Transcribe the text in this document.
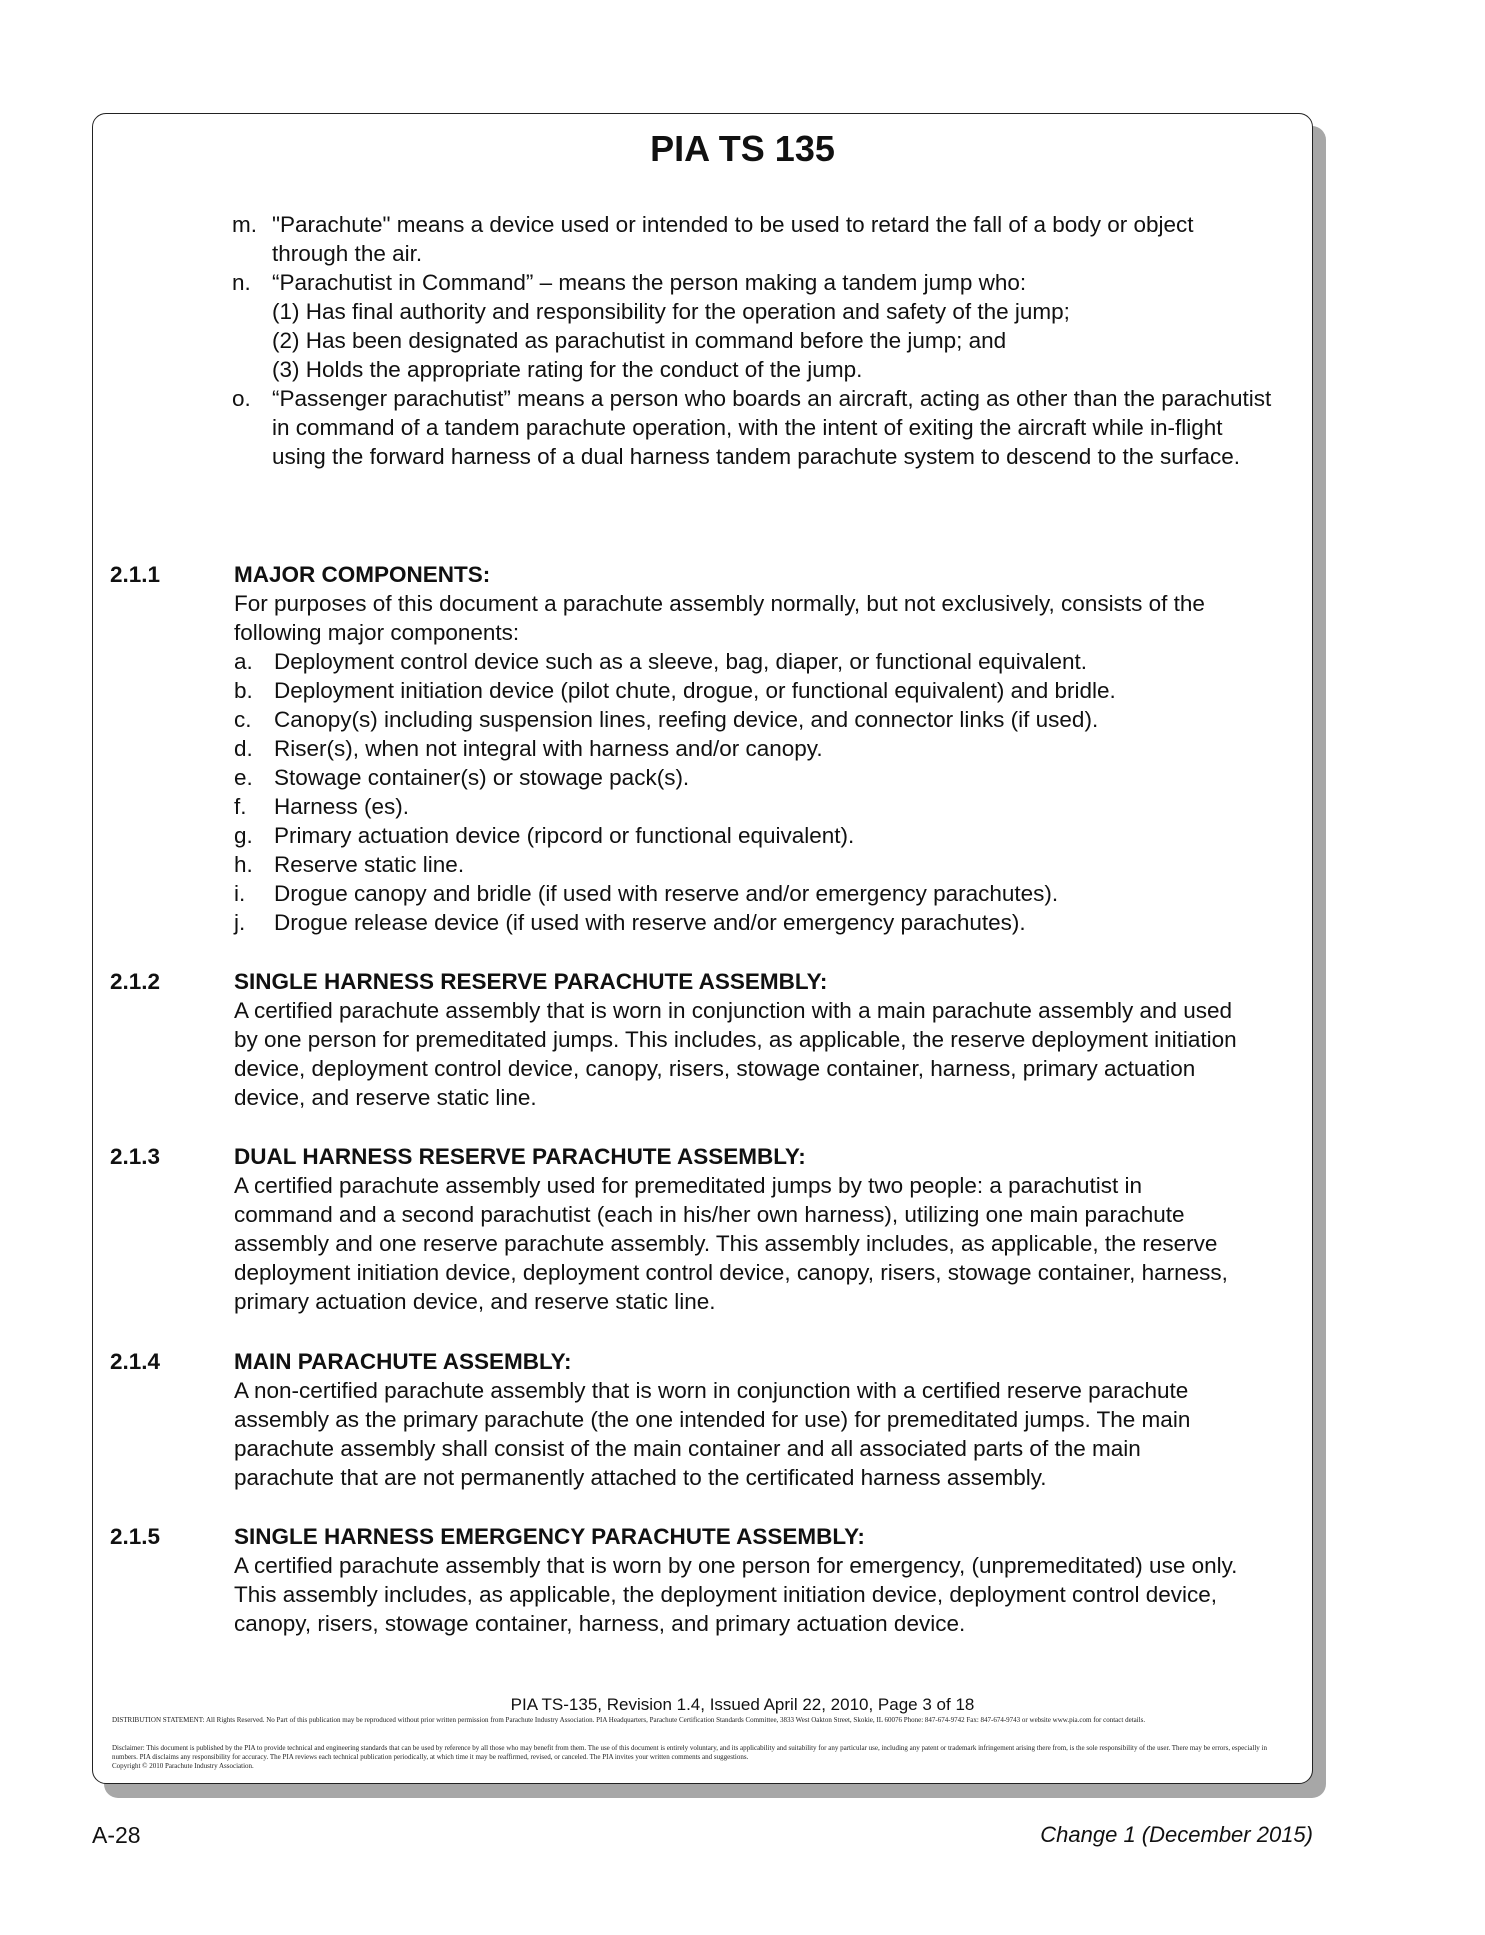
PIA TS 135
m. "Parachute" means a device used or intended to be used to retard the fall of a body or object through the air.
n. “Parachutist in Command” – means the person making a tandem jump who:
(1) Has final authority and responsibility for the operation and safety of the jump;
(2) Has been designated as parachutist in command before the jump; and
(3) Holds the appropriate rating for the conduct of the jump.
o. “Passenger parachutist” means a person who boards an aircraft, acting as other than the parachutist in command of a tandem parachute operation, with the intent of exiting the aircraft while in-flight using the forward harness of a dual harness tandem parachute system to descend to the surface.
2.1.1	MAJOR COMPONENTS:
For purposes of this document a parachute assembly normally, but not exclusively, consists of the following major components:
a. Deployment control device such as a sleeve, bag, diaper, or functional equivalent.
b. Deployment initiation device (pilot chute, drogue, or functional equivalent) and bridle.
c. Canopy(s) including suspension lines, reefing device, and connector links (if used).
d. Riser(s), when not integral with harness and/or canopy.
e. Stowage container(s) or stowage pack(s).
f. Harness (es).
g. Primary actuation device (ripcord or functional equivalent).
h. Reserve static line.
i. Drogue canopy and bridle (if used with reserve and/or emergency parachutes).
j. Drogue release device (if used with reserve and/or emergency parachutes).
2.1.2	SINGLE HARNESS RESERVE PARACHUTE ASSEMBLY:
A certified parachute assembly that is worn in conjunction with a main parachute assembly and used by one person for premeditated jumps. This includes, as applicable, the reserve deployment initiation device, deployment control device, canopy, risers, stowage container, harness, primary actuation device, and reserve static line.
2.1.3	DUAL HARNESS RESERVE PARACHUTE ASSEMBLY:
A certified parachute assembly used for premeditated jumps by two people: a parachutist in command and a second parachutist (each in his/her own harness), utilizing one main parachute assembly and one reserve parachute assembly. This assembly includes, as applicable, the reserve deployment initiation device, deployment control device, canopy, risers, stowage container, harness, primary actuation device, and reserve static line.
2.1.4	MAIN PARACHUTE ASSEMBLY:
A non-certified parachute assembly that is worn in conjunction with a certified reserve parachute assembly as the primary parachute (the one intended for use) for premeditated jumps. The main parachute assembly shall consist of the main container and all associated parts of the main parachute that are not permanently attached to the certificated harness assembly.
2.1.5	SINGLE HARNESS EMERGENCY PARACHUTE ASSEMBLY:
A certified parachute assembly that is worn by one person for emergency, (unpremeditated) use only. This assembly includes, as applicable, the deployment initiation device, deployment control device, canopy, risers, stowage container, harness, and primary actuation device.
PIA TS-135, Revision 1.4, Issued April 22, 2010, Page 3 of 18
DISTRIBUTION STATEMENT: All Rights Reserved. No Part of this publication may be reproduced without prior written permission from Parachute Industry Association. PIA Headquarters, Parachute Certification Standards Committee, 3833 West Oakton Street, Skokie, IL 60076 Phone: 847-674-9742 Fax: 847-674-9743 or website www.pia.com for contact details.
Disclaimer: This document is published by the PIA to provide technical and engineering standards that can be used by reference by all those who may benefit from them. The use of this document is entirely voluntary, and its applicability and suitability for any particular use, including any patent or trademark infringement arising there from, is the sole responsibility of the user. There may be errors, especially in numbers. PIA disclaims any responsibility for accuracy. The PIA reviews each technical publication periodically, at which time it may be reaffirmed, revised, or canceled. The PIA invites your written comments and suggestions.
Copyright © 2010 Parachute Industry Association.
A-28	Change 1 (December 2015)
